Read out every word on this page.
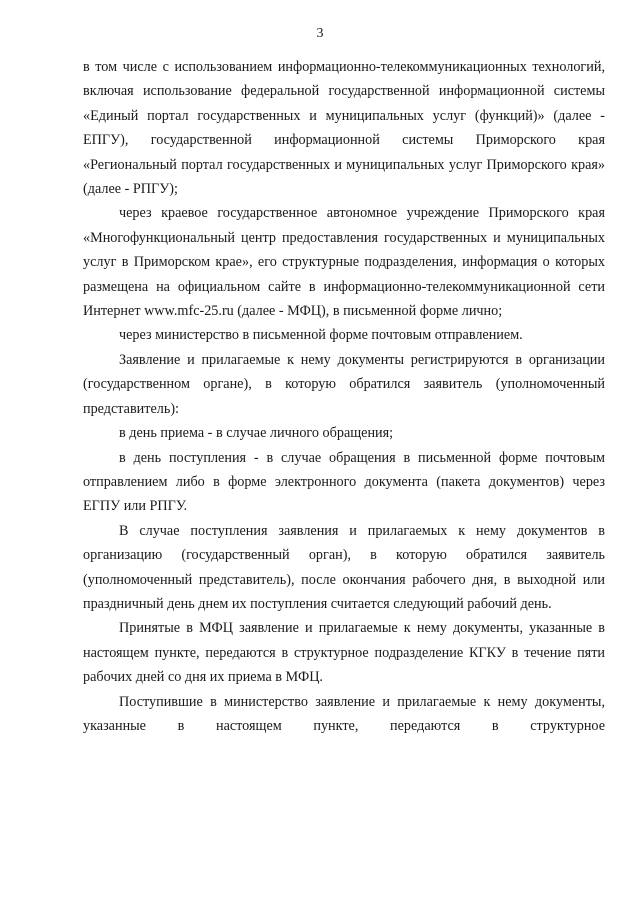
3

в том числе с использованием информационно-телекоммуникационных технологий, включая использование федеральной государственной информационной системы «Единый портал государственных и муниципальных услуг (функций)» (далее - ЕПГУ), государственной информационной системы Приморского края «Региональный портал государственных и муниципальных услуг Приморского края» (далее - РПГУ);

через краевое государственное автономное учреждение Приморского края «Многофункциональный центр предоставления государственных и муниципальных услуг в Приморском крае», его структурные подразделения, информация о которых размещена на официальном сайте в информационно-телекоммуникационной сети Интернет www.mfc-25.ru (далее - МФЦ), в письменной форме лично;

через министерство в письменной форме почтовым отправлением.

Заявление и прилагаемые к нему документы регистрируются в организации (государственном органе), в которую обратился заявитель (уполномоченный представитель):

в день приема - в случае личного обращения;

в день поступления - в случае обращения в письменной форме почтовым отправлением либо в форме электронного документа (пакета документов) через ЕГПУ или РПГУ.

В случае поступления заявления и прилагаемых к нему документов в организацию (государственный орган), в которую обратился заявитель (уполномоченный представитель), после окончания рабочего дня, в выходной или праздничный день днем их поступления считается следующий рабочий день.

Принятые в МФЦ заявление и прилагаемые к нему документы, указанные в настоящем пункте, передаются в структурное подразделение КГКУ в течение пяти рабочих дней со дня их приема в МФЦ.

Поступившие в министерство заявление и прилагаемые к нему документы, указанные в настоящем пункте, передаются в структурное
